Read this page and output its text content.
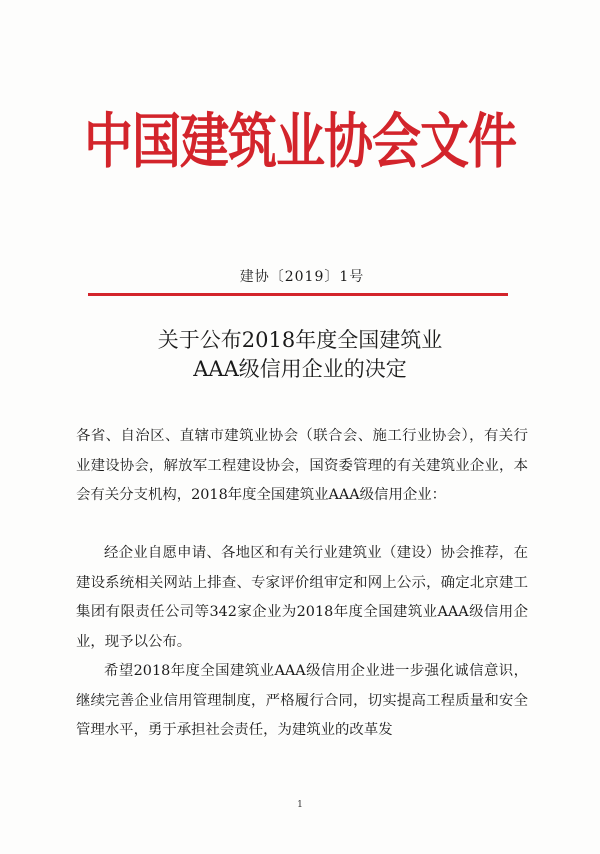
中国建筑业协会文件
建协〔2019〕1号
关于公布2018年度全国建筑业
AAA级信用企业的决定
各省、自治区、直辖市建筑业协会（联合会、施工行业协会），有关行业建设协会，解放军工程建设协会，国资委管理的有关建筑业企业，本会有关分支机构，2018年度全国建筑业AAA级信用企业：
经企业自愿申请、各地区和有关行业建筑业（建设）协会推荐，在建设系统相关网站上排查、专家评价组审定和网上公示，确定北京建工集团有限责任公司等342家企业为2018年度全国建筑业AAA级信用企业，现予以公布。
希望2018年度全国建筑业AAA级信用企业进一步强化诚信意识，继续完善企业信用管理制度，严格履行合同，切实提高工程质量和安全管理水平，勇于承担社会责任，为建筑业的改革发
1
